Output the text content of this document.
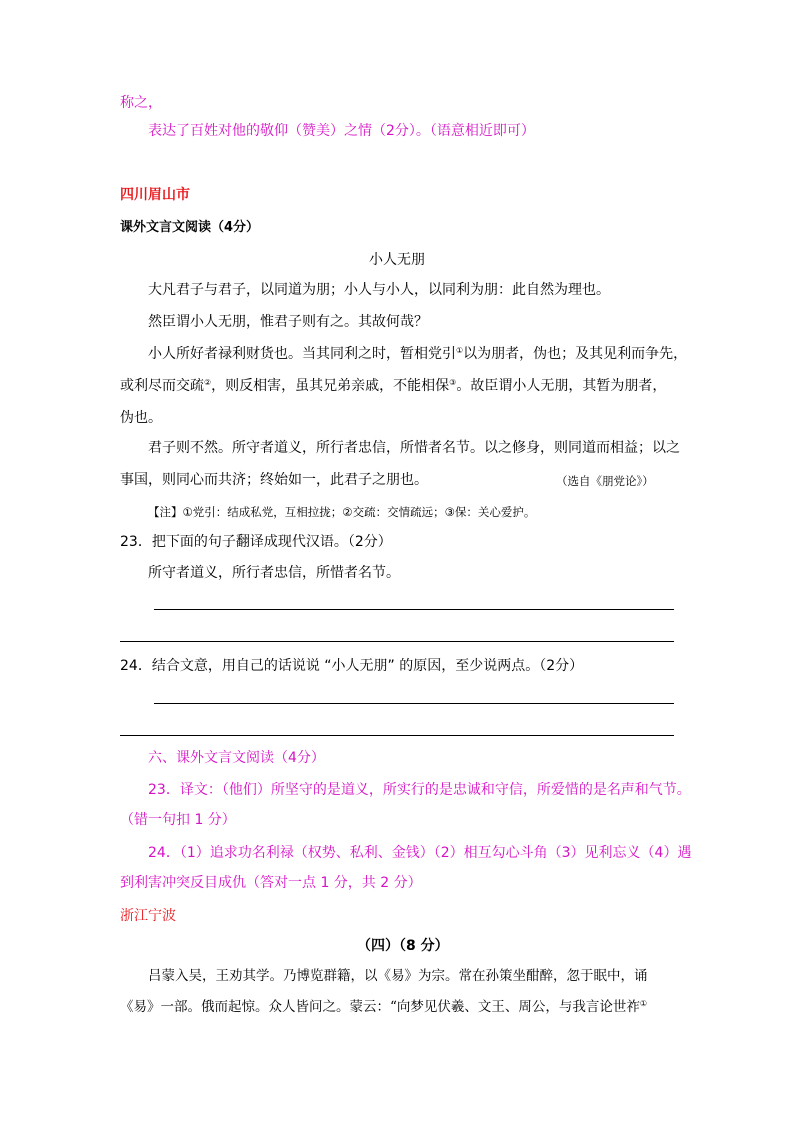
称之，
表达了百姓对他的敬仰（赞美）之情（2分）。（语意相近即可）
四川眉山市
课外文言文阅读（4分）
小人无朋
大凡君子与君子，以同道为朋；小人与小人，以同利为朋：此自然为理也。
然臣谓小人无朋，惟君子则有之。其故何哉？
小人所好者禄利财货也。当其同利之时，暂相党引①以为朋者，伪也；及其见利而争先，
或利尽而交疏②，则反相害，虽其兄弟亲戚，不能相保③。故臣谓小人无朋，其暂为朋者，
伪也。
君子则不然。所守者道义，所行者忠信，所惜者名节。以之修身，则同道而相益；以之
事国，则同心而共济；终始如一，此君子之朋也。	（选自《朋党论》）
【注】①党引：结成私党，互相拉拢；②交疏：交情疏远；③保：关心爱护。
23．把下面的句子翻译成现代汉语。（2分）
所守者道义，所行者忠信，所惜者名节。
24．结合文意，用自己的话说说 “小人无朋” 的原因，至少说两点。（2分）
六、课外文言文阅读（4分）
23．译文：（他们）所坚守的是道义，所实行的是忠诚和守信，所爱惜的是名声和气节。
（错一句扣 1 分）
24．（1）追求功名利禄（权势、私利、金钱）（2）相互勾心斗角（3）见利忘义（4）遇
到利害冲突反目成仇（答对一点 1 分，共 2 分）
浙江宁波
（四）（8 分）
吕蒙入吴，王劝其学。乃博览群籍，以《易》为宗。常在孙策坐酣醉，忽于眠中，诵
《易》一部。俄而起惊。众人皆问之。蒙云：“向梦见伏羲、文王、周公，与我言论世祚①
